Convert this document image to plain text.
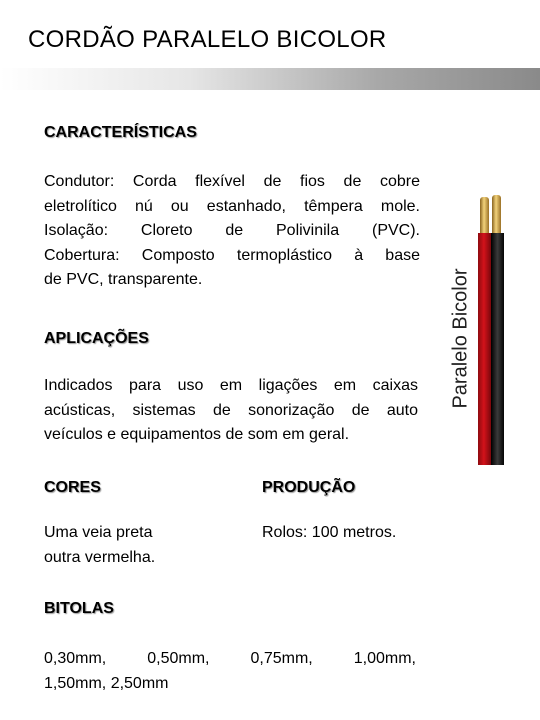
CORDÃO PARALELO BICOLOR
CARACTERÍSTICAS
Condutor: Corda flexível de fios de cobre
eletrolítico nú ou estanhado, têmpera mole.
Isolação: Cloreto de Polivinila (PVC).
Cobertura: Composto termoplástico à base
de PVC, transparente.
APLICAÇÕES
Indicados para uso em ligações em caixas
acústicas, sistemas de sonorização de auto
veículos e equipamentos de som em geral.
CORES
Uma veia preta
outra vermelha.
PRODUÇÃO
Rolos: 100 metros.
BITOLAS
0,30mm, 0,50mm, 0,75mm, 1,00mm,
1,50mm, 2,50mm
Paralelo Bicolor
